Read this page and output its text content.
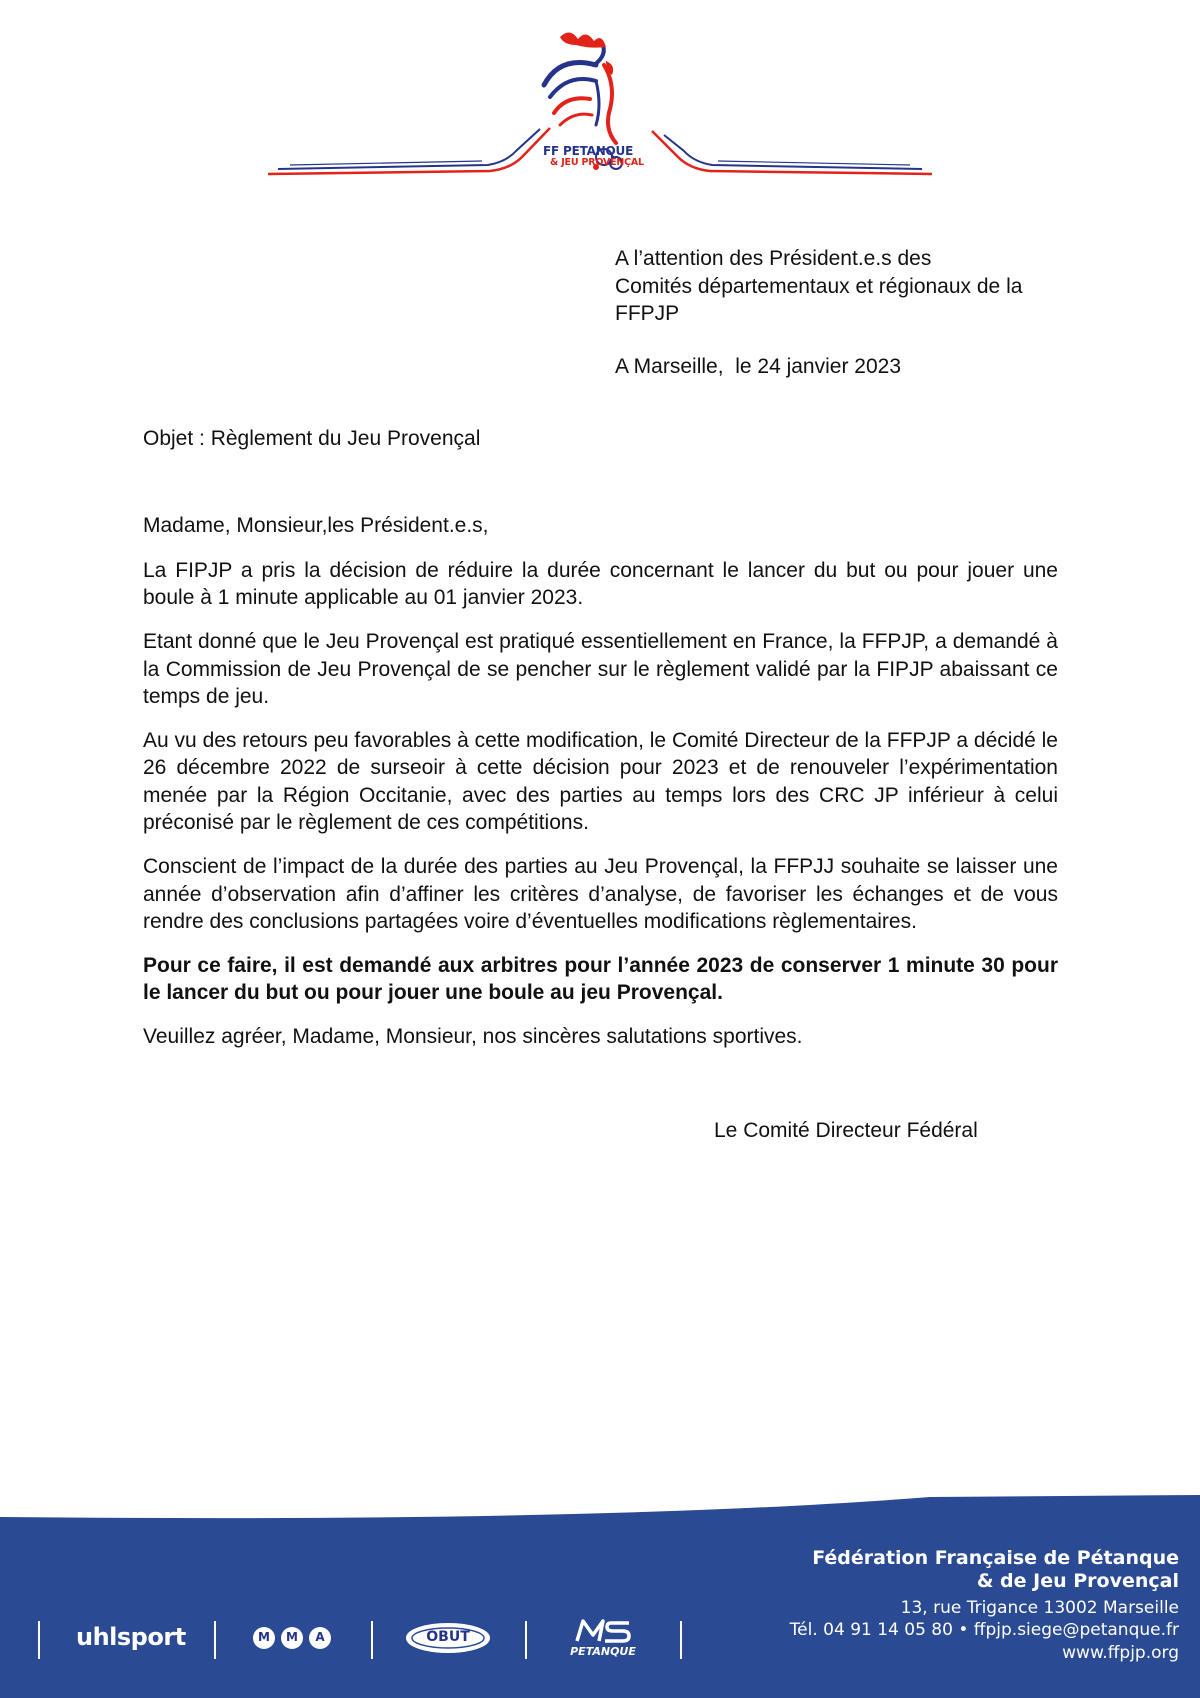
FF PETANQUE
& JEU PROVENÇAL
A l’attention des Président.e.s des
Comités départementaux et régionaux de la
FFPJP
A Marseille,  le 24 janvier 2023
Objet : Règlement du Jeu Provençal
Madame, Monsieur,les Président.e.s,

La FIPJP a pris la décision de réduire la durée concernant le lancer du but ou pour jouer une boule à 1 minute applicable au 01 janvier 2023.

Etant donné que le Jeu Provençal est pratiqué essentiellement en France, la FFPJP, a demandé à la Commission de Jeu Provençal de se pencher sur le règlement validé par la FIPJP abaissant ce temps de jeu.

Au vu des retours peu favorables à cette modification, le Comité Directeur de la FFPJP a décidé le 26 décembre 2022 de surseoir à cette décision pour 2023 et de renouveler l’expérimentation menée par la Région Occitanie, avec des parties au temps lors des CRC JP inférieur à celui préconisé par le règlement de ces compétitions.

Conscient de l’impact de la durée des parties au Jeu Provençal, la FFPJJ souhaite se laisser une année d’observation afin d’affiner les critères d’analyse, de favoriser les échanges et de vous rendre des conclusions partagées voire d’éventuelles modifications règlementaires.

Pour ce faire, il est demandé aux arbitres pour l’année 2023 de conserver 1 minute 30 pour le lancer du but ou pour jouer une boule au jeu Provençal.

Veuillez agréer, Madame, Monsieur, nos sincères salutations sportives.

Le Comité Directeur Fédéral
Fédération Française de Pétanque
& de Jeu Provençal
13, rue Trigance 13002 Marseille
Tél. 04 91 14 05 80 • ffpjp.siege@petanque.fr
www.ffpjp.org
uhlsport	M	M	A	OBUT
PETANQUE
